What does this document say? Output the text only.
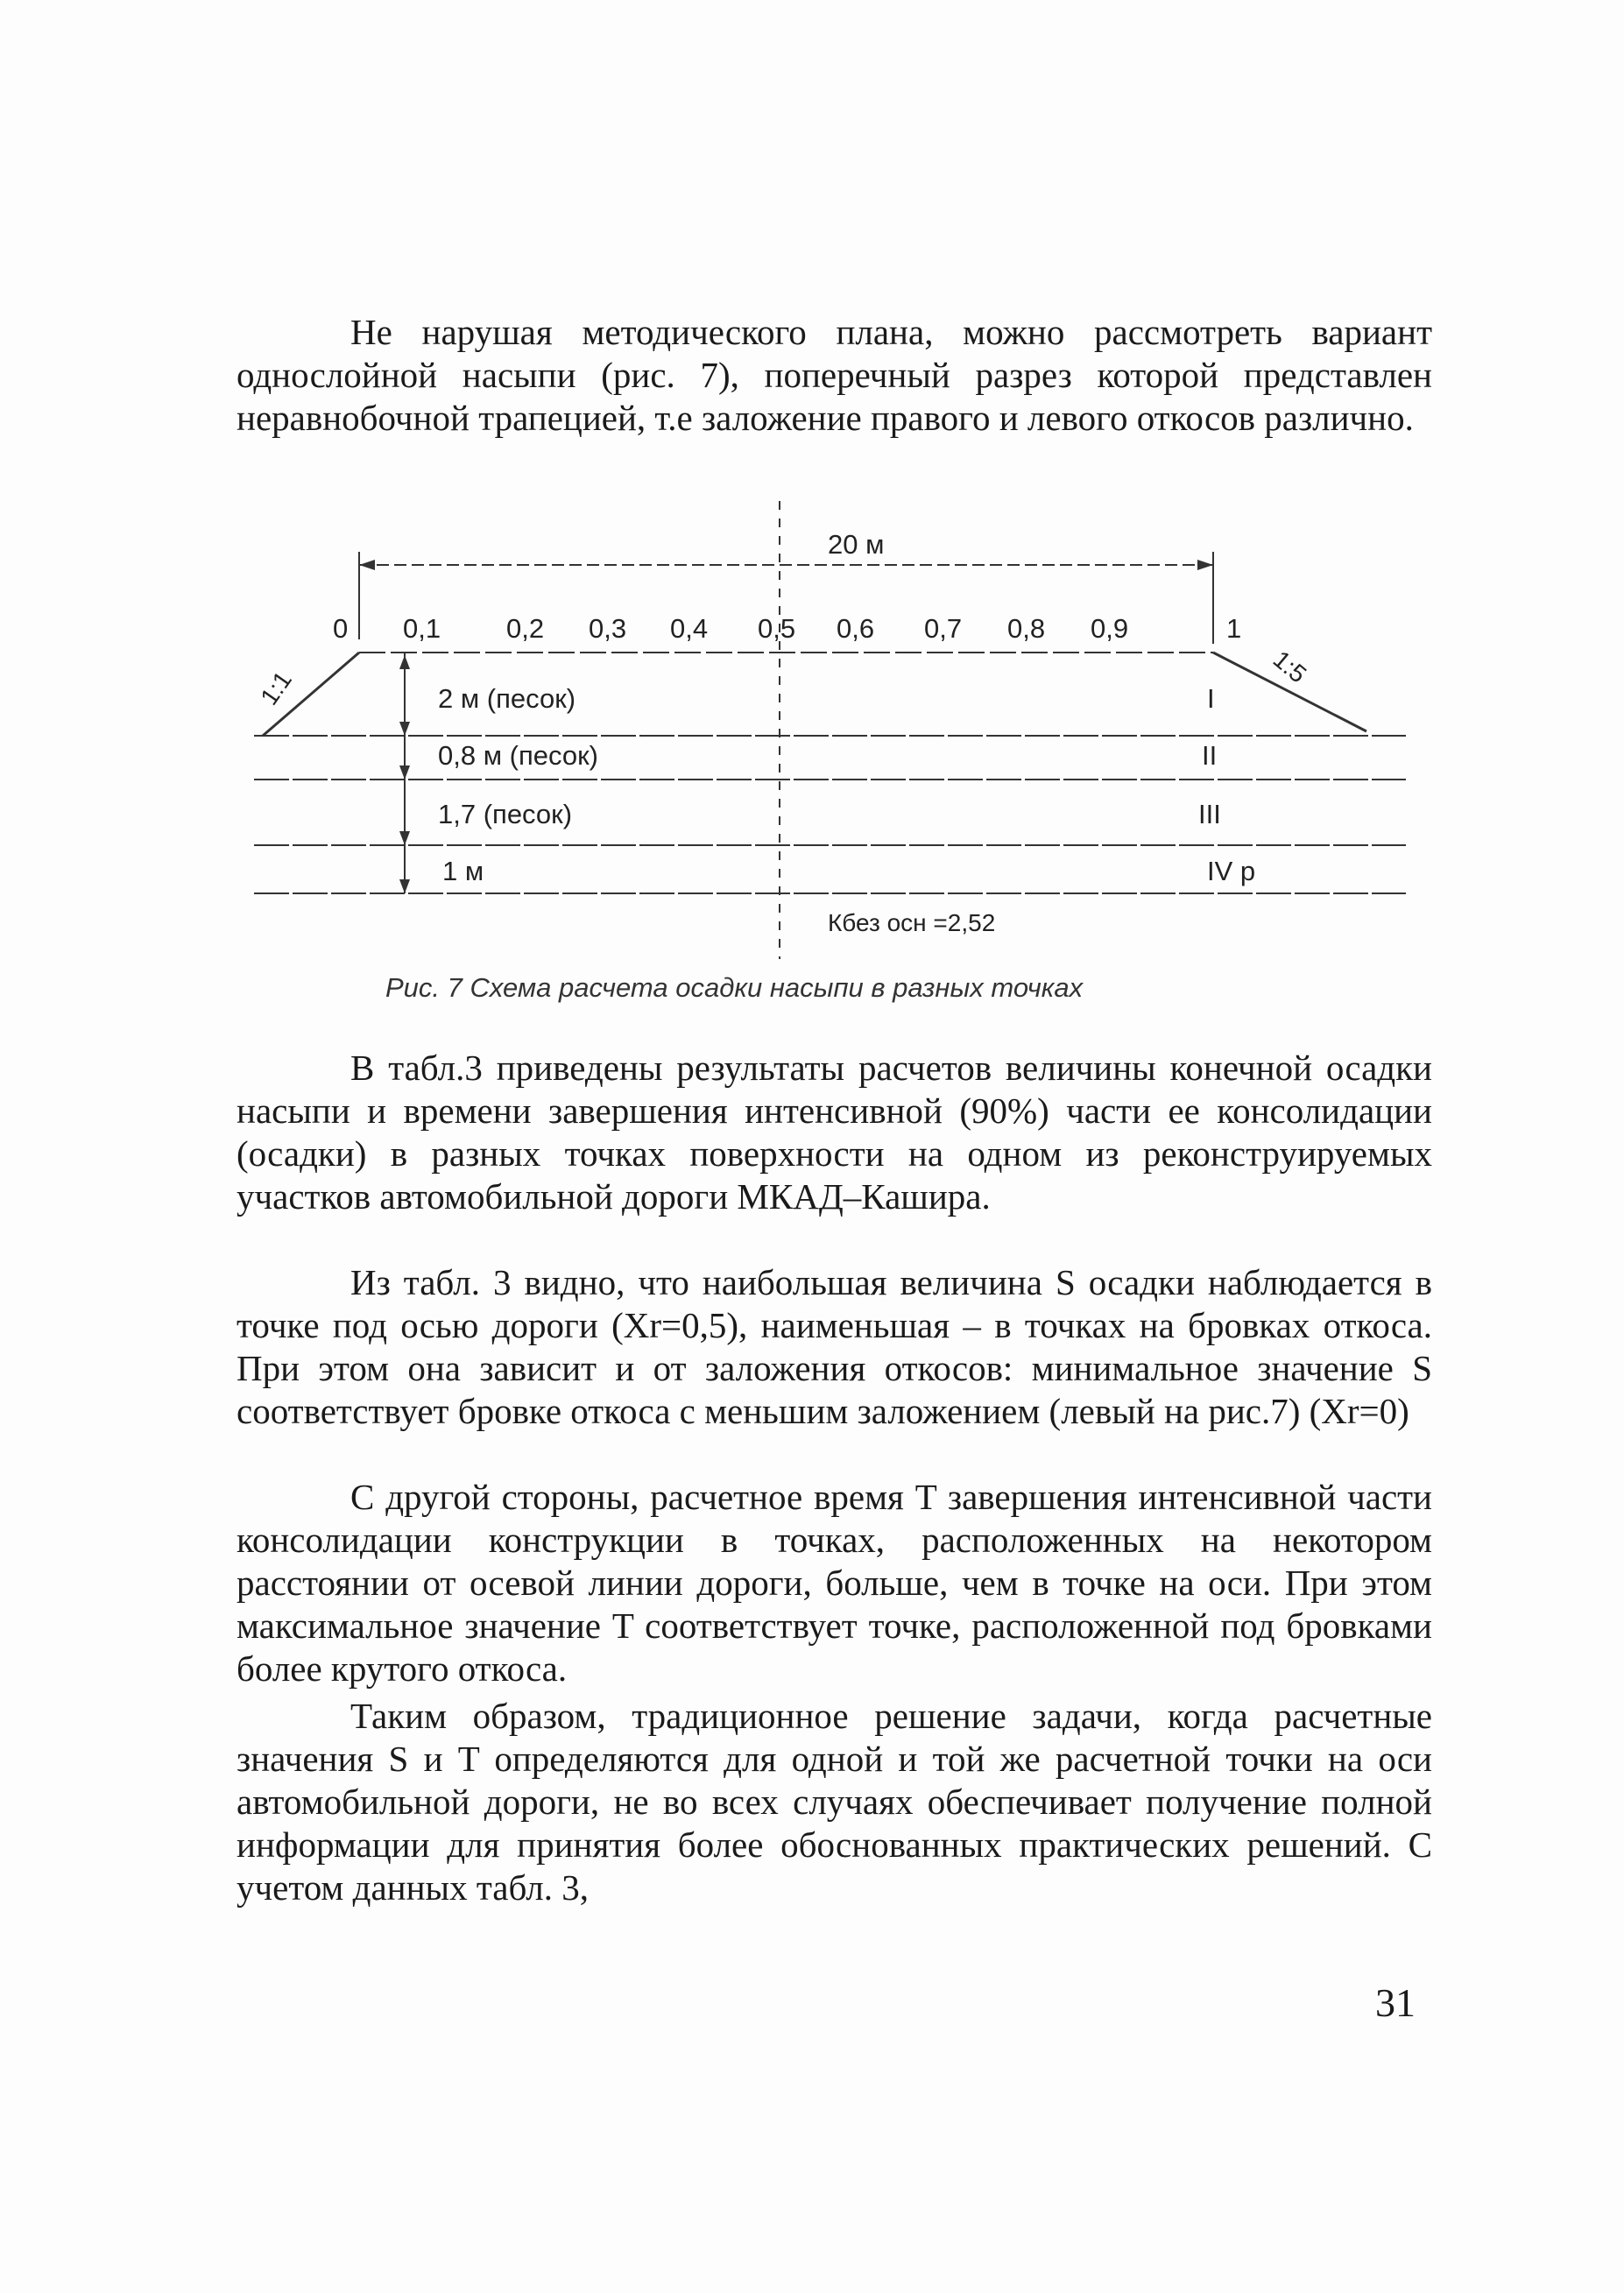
Не нарушая методического плана, можно рассмотреть вариант однослойной насыпи (рис. 7), поперечный разрез которой представлен неравнобочной трапецией, т.е заложение правого и левого откосов различно.

20 м
0 0,1 0,2 0,3 0,4 0,5 0,6 0,7 0,8 0,9	1
1:1	1:5
2 м (песок)
0,8 м (песок)
1,7 (песок)
1 м
I
II
III
IV р
Кбез осн =2,52
Рис. 7 Схема расчета осадки насыпи в разных точках

В табл.3 приведены результаты расчетов величины конечной осадки насыпи и времени завершения интенсивной (90%) части ее консолидации (осадки) в разных точках поверхности на одном из реконструируемых участков автомобильной дороги МКАД–Кашира.

Из табл. 3 видно, что наибольшая величина S осадки наблюдается в точке под осью дороги (Xr=0,5), наименьшая – в точках на бровках откоса. При этом она зависит и от заложения откосов: минимальное значение S соответствует бровке откоса с меньшим заложением (левый на рис.7) (Xr=0)

С другой стороны, расчетное время T завершения интенсивной части консолидации конструкции в точках, расположенных на некотором расстоянии от осевой линии дороги, больше, чем в точке на оси. При этом максимальное значение T соответствует точке, расположенной под бровками более крутого откоса.

Таким образом, традиционное решение задачи, когда расчетные значения S и T определяются для одной и той же расчетной точки на оси автомобильной дороги, не во всех случаях обеспечивает получение полной информации для принятия более обоснованных практических решений. С учетом данных табл. 3,

31
